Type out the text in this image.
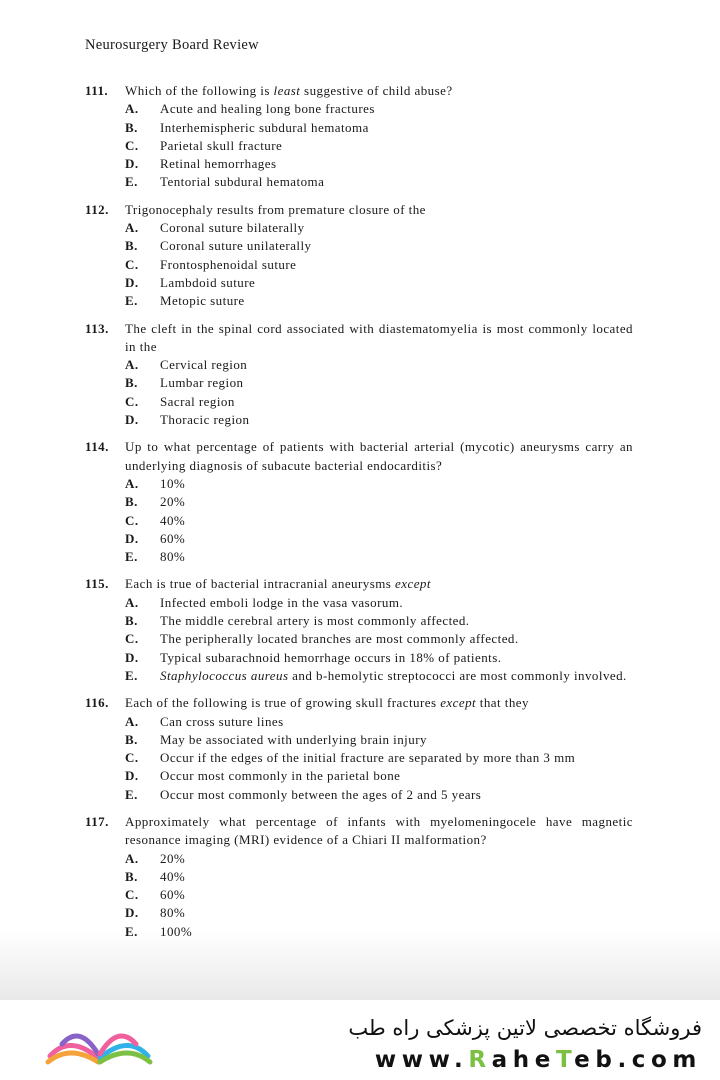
Neurosurgery Board Review
111.	Which of the following is least suggestive of child abuse?
A.	Acute and healing long bone fractures
B.	Interhemispheric subdural hematoma
C.	Parietal skull fracture
D.	Retinal hemorrhages
E.	Tentorial subdural hematoma
112.	Trigonocephaly results from premature closure of the
A.	Coronal suture bilaterally
B.	Coronal suture unilaterally
C.	Frontosphenoidal suture
D.	Lambdoid suture
E.	Metopic suture
113.	The cleft in the spinal cord associated with diastematomyelia is most commonly located in the
A.	Cervical region
B.	Lumbar region
C.	Sacral region
D.	Thoracic region
114.	Up to what percentage of patients with bacterial arterial (mycotic) aneurysms carry an underlying diagnosis of subacute bacterial endocarditis?
A.	10%
B.	20%
C.	40%
D.	60%
E.	80%
115.	Each is true of bacterial intracranial aneurysms except
A.	Infected emboli lodge in the vasa vasorum.
B.	The middle cerebral artery is most commonly affected.
C.	The peripherally located branches are most commonly affected.
D.	Typical subarachnoid hemorrhage occurs in 18% of patients.
E.	Staphylococcus aureus and b-hemolytic streptococci are most commonly involved.
116.	Each of the following is true of growing skull fractures except that they
A.	Can cross suture lines
B.	May be associated with underlying brain injury
C.	Occur if the edges of the initial fracture are separated by more than 3 mm
D.	Occur most commonly in the parietal bone
E.	Occur most commonly between the ages of 2 and 5 years
117.	Approximately what percentage of infants with myelomeningocele have magnetic resonance imaging (MRI) evidence of a Chiari II malformation?
A.	20%
B.	40%
C.	60%
D.	80%
E.	100%
فروشگاه تخصصی لاتین پزشکی راه طب
www.RaheTeb.com
